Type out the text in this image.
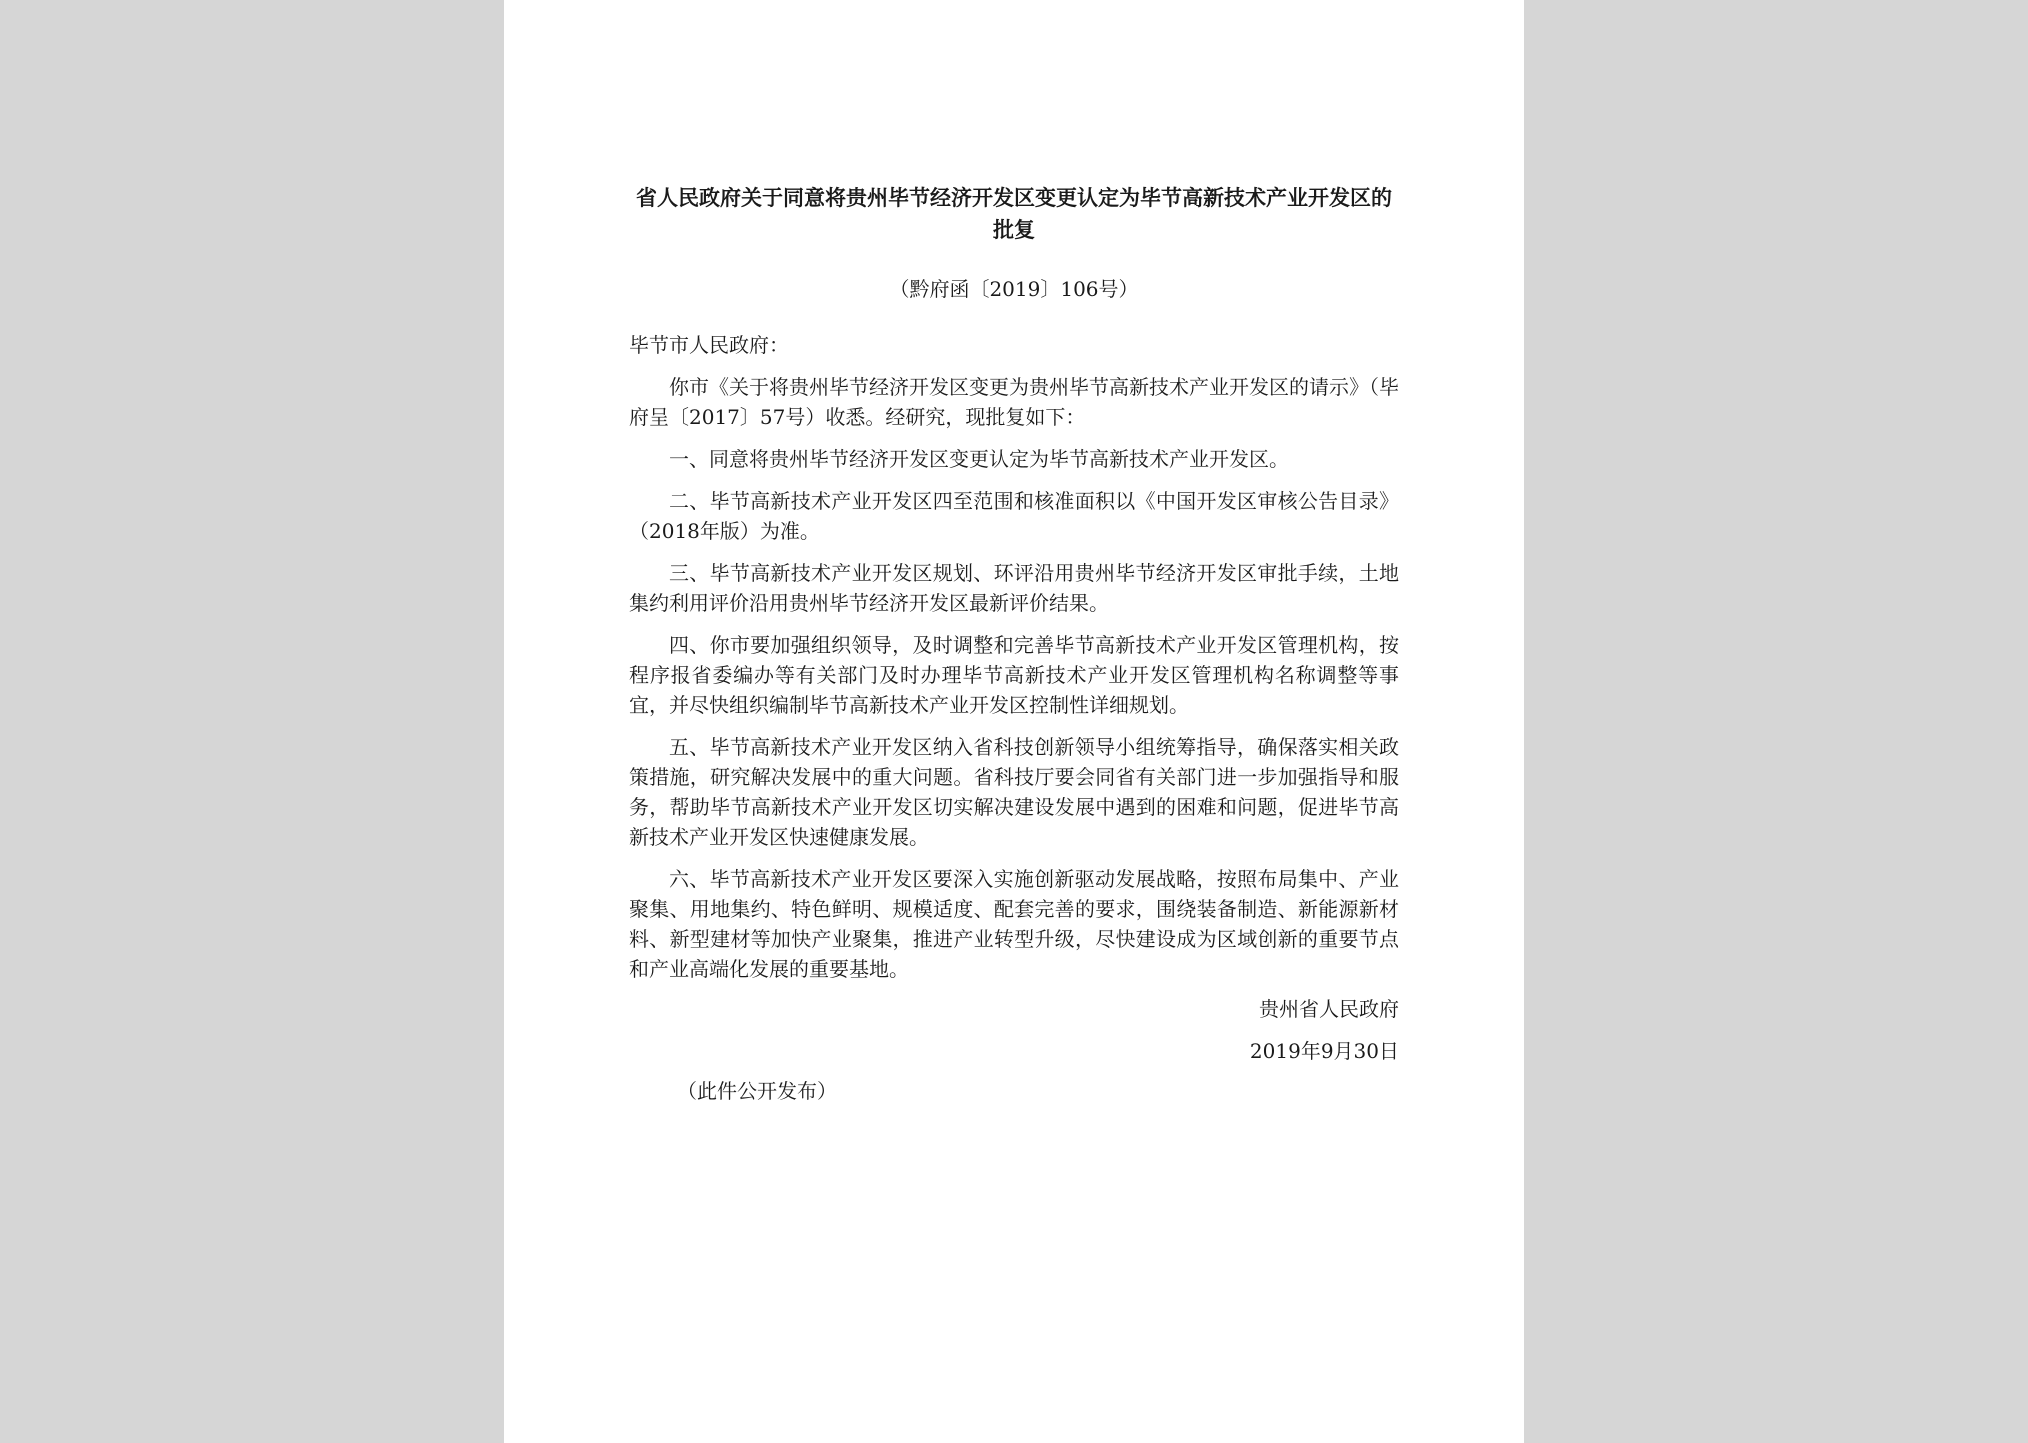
省人民政府关于同意将贵州毕节经济开发区变更认定为毕节高新技术产业开发区的批复

（黔府函〔2019〕106号）

毕节市人民政府：

你市《关于将贵州毕节经济开发区变更为贵州毕节高新技术产业开发区的请示》（毕府呈〔2017〕57号）收悉。经研究，现批复如下：

一、同意将贵州毕节经济开发区变更认定为毕节高新技术产业开发区。

二、毕节高新技术产业开发区四至范围和核准面积以《中国开发区审核公告目录》（2018年版）为准。

三、毕节高新技术产业开发区规划、环评沿用贵州毕节经济开发区审批手续，土地集约利用评价沿用贵州毕节经济开发区最新评价结果。

四、你市要加强组织领导，及时调整和完善毕节高新技术产业开发区管理机构，按程序报省委编办等有关部门及时办理毕节高新技术产业开发区管理机构名称调整等事宜，并尽快组织编制毕节高新技术产业开发区控制性详细规划。

五、毕节高新技术产业开发区纳入省科技创新领导小组统筹指导，确保落实相关政策措施，研究解决发展中的重大问题。省科技厅要会同省有关部门进一步加强指导和服务，帮助毕节高新技术产业开发区切实解决建设发展中遇到的困难和问题，促进毕节高新技术产业开发区快速健康发展。

六、毕节高新技术产业开发区要深入实施创新驱动发展战略，按照布局集中、产业聚集、用地集约、特色鲜明、规模适度、配套完善的要求，围绕装备制造、新能源新材料、新型建材等加快产业聚集，推进产业转型升级，尽快建设成为区域创新的重要节点和产业高端化发展的重要基地。

贵州省人民政府

2019年9月30日

（此件公开发布）
